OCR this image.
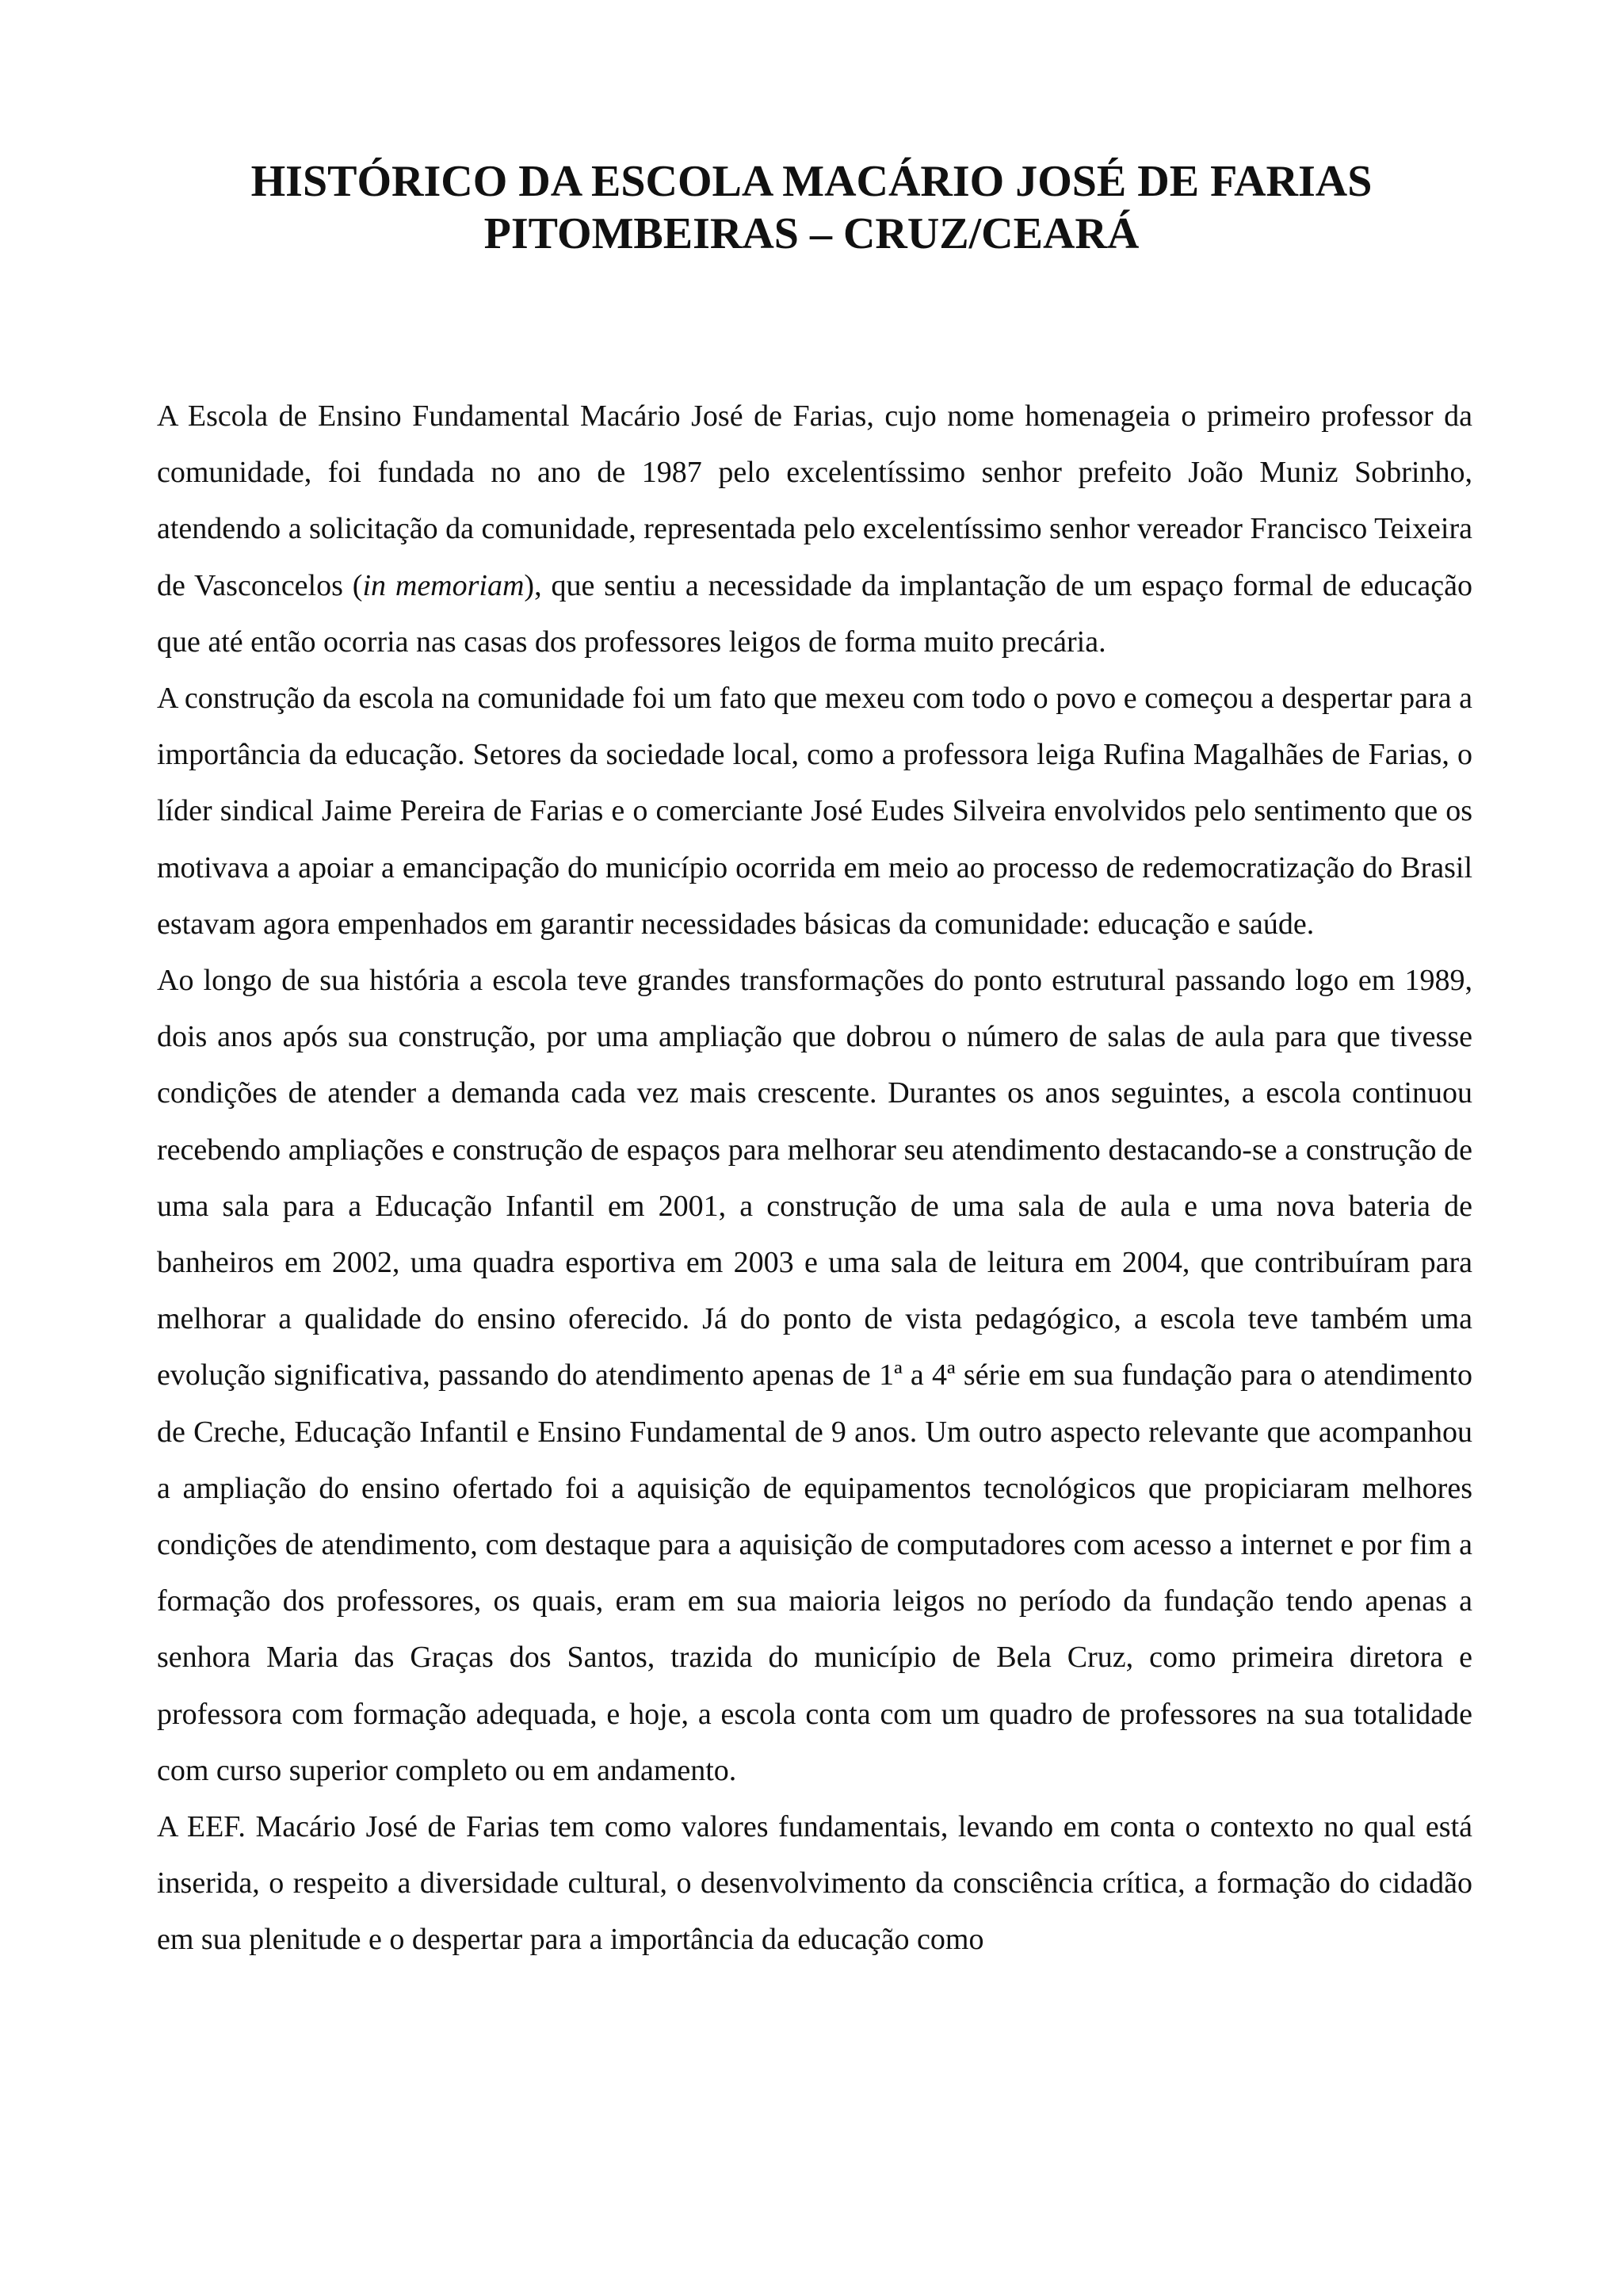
HISTÓRICO DA ESCOLA MACÁRIO JOSÉ DE FARIAS
PITOMBEIRAS – CRUZ/CEARÁ

A Escola de Ensino Fundamental Macário José de Farias, cujo nome homenageia o primeiro professor da comunidade, foi fundada no ano de 1987 pelo excelentíssimo senhor prefeito João Muniz Sobrinho, atendendo a solicitação da comunidade, representada pelo excelentíssimo senhor vereador Francisco Teixeira de Vasconcelos (in memoriam), que sentiu a necessidade da implantação de um espaço formal de educação que até então ocorria nas casas dos professores leigos de forma muito precária.

A construção da escola na comunidade foi um fato que mexeu com todo o povo e começou a despertar para a importância da educação. Setores da sociedade local, como a professora leiga Rufina Magalhães de Farias, o líder sindical Jaime Pereira de Farias e o comerciante José Eudes Silveira envolvidos pelo sentimento que os motivava a apoiar a emancipação do município ocorrida em meio ao processo de redemocratização do Brasil estavam agora empenhados em garantir necessidades básicas da comunidade: educação e saúde.

Ao longo de sua história a escola teve grandes transformações do ponto estrutural passando logo em 1989, dois anos após sua construção, por uma ampliação que dobrou o número de salas de aula para que tivesse condições de atender a demanda cada vez mais crescente. Durantes os anos seguintes, a escola continuou recebendo ampliações e construção de espaços para melhorar seu atendimento destacando-se a construção de uma sala para a Educação Infantil em 2001, a construção de uma sala de aula e uma nova bateria de banheiros em 2002, uma quadra esportiva em 2003 e uma sala de leitura em 2004, que contribuíram para melhorar a qualidade do ensino oferecido. Já do ponto de vista pedagógico, a escola teve também uma evolução significativa, passando do atendimento apenas de 1ª a 4ª série em sua fundação para o atendimento de Creche, Educação Infantil e Ensino Fundamental de 9 anos. Um outro aspecto relevante que acompanhou a ampliação do ensino ofertado foi a aquisição de equipamentos tecnológicos que propiciaram melhores condições de atendimento, com destaque para a aquisição de computadores com acesso a internet e por fim a formação dos professores, os quais, eram em sua maioria leigos no período da fundação tendo apenas a senhora Maria das Graças dos Santos, trazida do município de Bela Cruz, como primeira diretora e professora com formação adequada, e hoje, a escola conta com um quadro de professores na sua totalidade com curso superior completo ou em andamento.

A EEF. Macário José de Farias tem como valores fundamentais, levando em conta o contexto no qual está inserida, o respeito a diversidade cultural, o desenvolvimento da consciência crítica, a formação do cidadão em sua plenitude e o despertar para a importância da educação como
